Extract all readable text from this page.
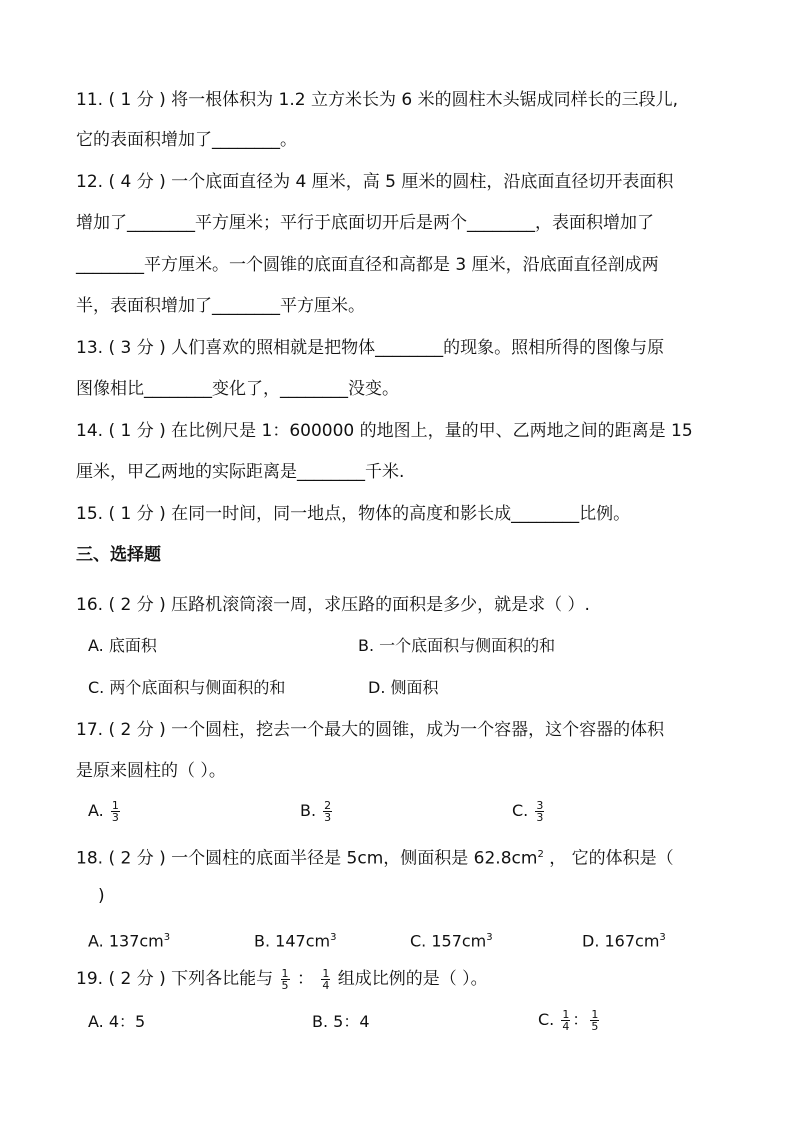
11. ( 1 分 ) 将一根体积为 1.2 立方米长为 6 米的圆柱木头锯成同样长的三段儿,
它的表面积增加了________。
12. ( 4 分 ) 一个底面直径为 4 厘米，高 5 厘米的圆柱，沿底面直径切开表面积
增加了________平方厘米；平行于底面切开后是两个________，表面积增加了
________平方厘米。一个圆锥的底面直径和高都是 3 厘米，沿底面直径剖成两
半，表面积增加了________平方厘米。
13. ( 3 分 ) 人们喜欢的照相就是把物体________的现象。照相所得的图像与原
图像相比________变化了，________没变。
14. ( 1 分 ) 在比例尺是 1：600000 的地图上，量的甲、乙两地之间的距离是 15
厘米，甲乙两地的实际距离是________千米.
15. ( 1 分 ) 在同一时间，同一地点，物体的高度和影长成________比例。
三、选择题
16. ( 2 分 ) 压路机滚筒滚一周，求压路的面积是多少，就是求（ ）.
A. 底面积	B. 一个底面积与侧面积的和
C. 两个底面积与侧面积的和	D. 侧面积
17. ( 2 分 ) 一个圆柱，挖去一个最大的圆锥，成为一个容器，这个容器的体积
是原来圆柱的（ ）。
A. $\frac{1}{3}$	B. $\frac{2}{3}$	C. $\frac{3}{3}$
18. ( 2 分 ) 一个圆柱的底面半径是 5cm，侧面积是 $62.8cm^2$ ， 它的体积是（
)
A. $137cm^3$	B. $147cm^3$	C. $157cm^3$	D. $167cm^3$
19. ( 2 分 ) 下列各比能与 $\frac{1}{5}$ ： $\frac{1}{4}$ 组成比例的是（ ）。
A. 4：5	B. 5：4	C. $\frac{1}{4}$ ： $\frac{1}{5}$
